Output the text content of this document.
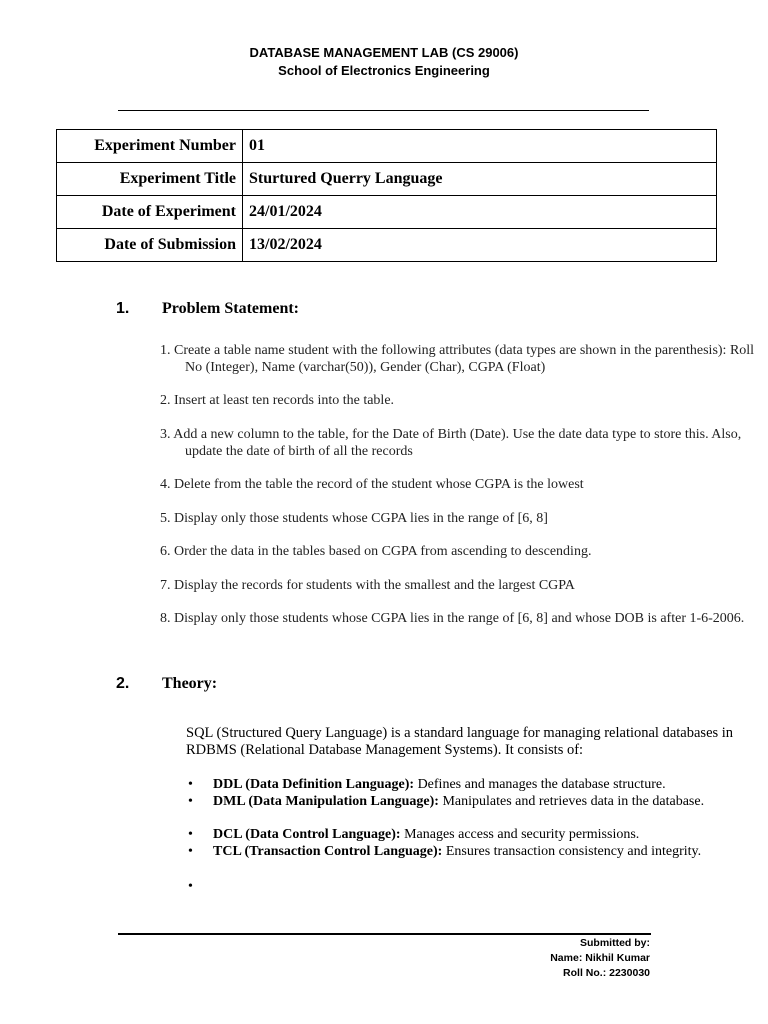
DATABASE MANAGEMENT LAB (CS 29006)
School of Electronics Engineering
Experiment Number	01
Experiment Title	Sturtured Querry Language
Date of Experiment	24/01/2024
Date of Submission	13/02/2024
1. Problem Statement:
1. Create a table name student with the following attributes (data types are shown in the parenthesis): Roll No (Integer), Name (varchar(50)), Gender (Char), CGPA (Float)
2. Insert at least ten records into the table.
3. Add a new column to the table, for the Date of Birth (Date). Use the date data type to store this. Also, update the date of birth of all the records
4. Delete from the table the record of the student whose CGPA is the lowest
5. Display only those students whose CGPA lies in the range of [6, 8]
6. Order the data in the tables based on CGPA from ascending to descending.
7. Display the records for students with the smallest and the largest CGPA
8. Display only those students whose CGPA lies in the range of [6, 8] and whose DOB is after 1-6-2006.
2. Theory:
SQL (Structured Query Language) is a standard language for managing relational databases in RDBMS (Relational Database Management Systems). It consists of:
• DDL (Data Definition Language): Defines and manages the database structure.
• DML (Data Manipulation Language): Manipulates and retrieves data in the database.
• DCL (Data Control Language): Manages access and security permissions.
• TCL (Transaction Control Language): Ensures transaction consistency and integrity.
•
Submitted by:
Name: Nikhil Kumar
Roll No.: 2230030
